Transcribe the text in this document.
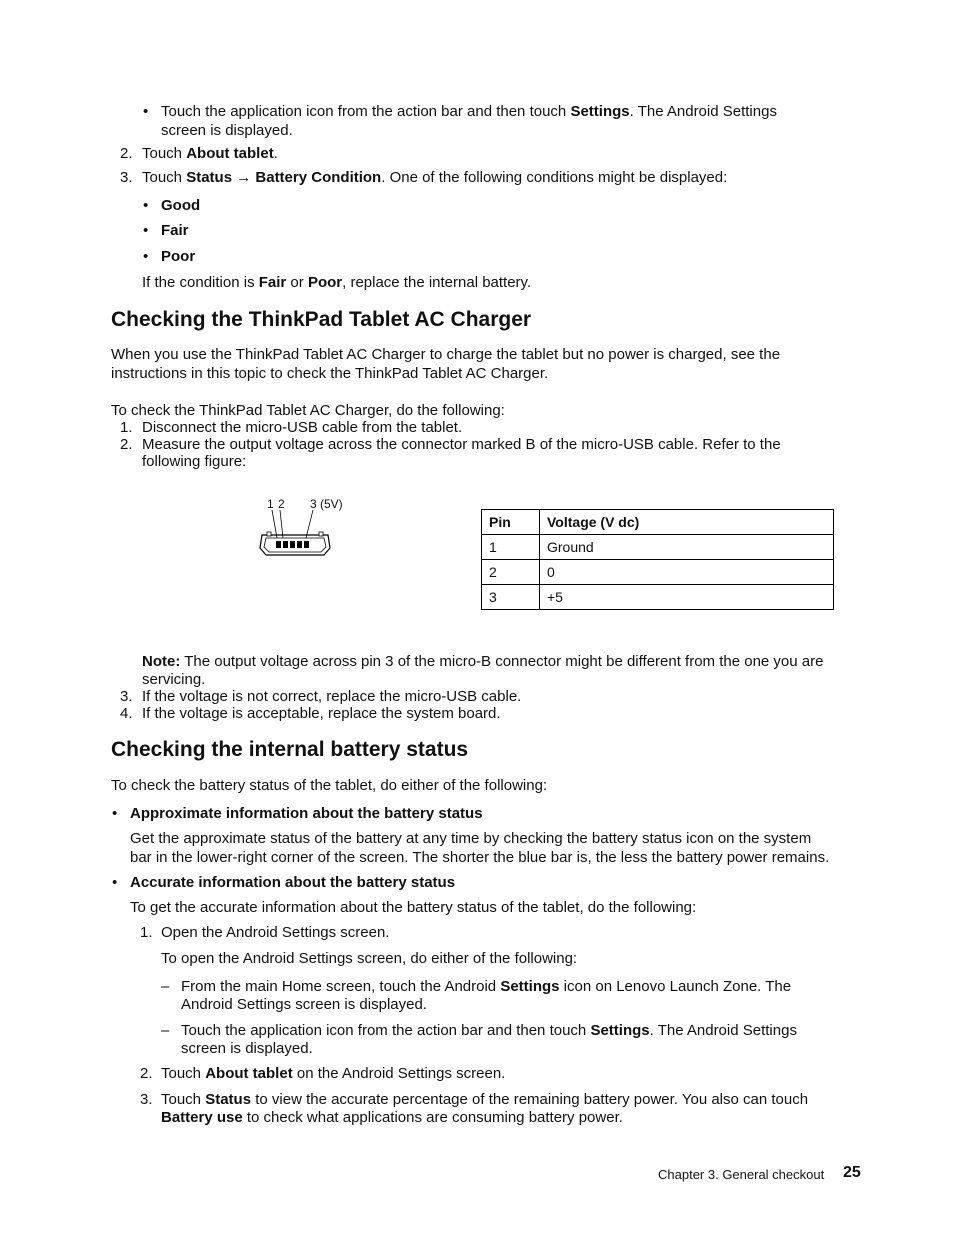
• Touch the application icon from the action bar and then touch Settings. The Android Settings
screen is displayed.
2. Touch About tablet.
3. Touch Status → Battery Condition. One of the following conditions might be displayed:
• Good
• Fair
• Poor
If the condition is Fair or Poor, replace the internal battery.
Checking the ThinkPad Tablet AC Charger
When you use the ThinkPad Tablet AC Charger to charge the tablet but no power is charged, see the
instructions in this topic to check the ThinkPad Tablet AC Charger.
To check the ThinkPad Tablet AC Charger, do the following:
1. Disconnect the micro-USB cable from the tablet.
2. Measure the output voltage across the connector marked B of the micro-USB cable. Refer to the
following figure:
1 2 3 (5V)
Pin	Voltage (V dc)
1	Ground
2	0
3	+5
Note: The output voltage across pin 3 of the micro-B connector might be different from the one you are
servicing.
3. If the voltage is not correct, replace the micro-USB cable.
4. If the voltage is acceptable, replace the system board.
Checking the internal battery status
To check the battery status of the tablet, do either of the following:
• Approximate information about the battery status
Get the approximate status of the battery at any time by checking the battery status icon on the system
bar in the lower-right corner of the screen. The shorter the blue bar is, the less the battery power remains.
• Accurate information about the battery status
To get the accurate information about the battery status of the tablet, do the following:
1. Open the Android Settings screen.
To open the Android Settings screen, do either of the following:
– From the main Home screen, touch the Android Settings icon on Lenovo Launch Zone. The
Android Settings screen is displayed.
– Touch the application icon from the action bar and then touch Settings. The Android Settings
screen is displayed.
2. Touch About tablet on the Android Settings screen.
3. Touch Status to view the accurate percentage of the remaining battery power. You also can touch
Battery use to check what applications are consuming battery power.
Chapter 3. General checkout 25
